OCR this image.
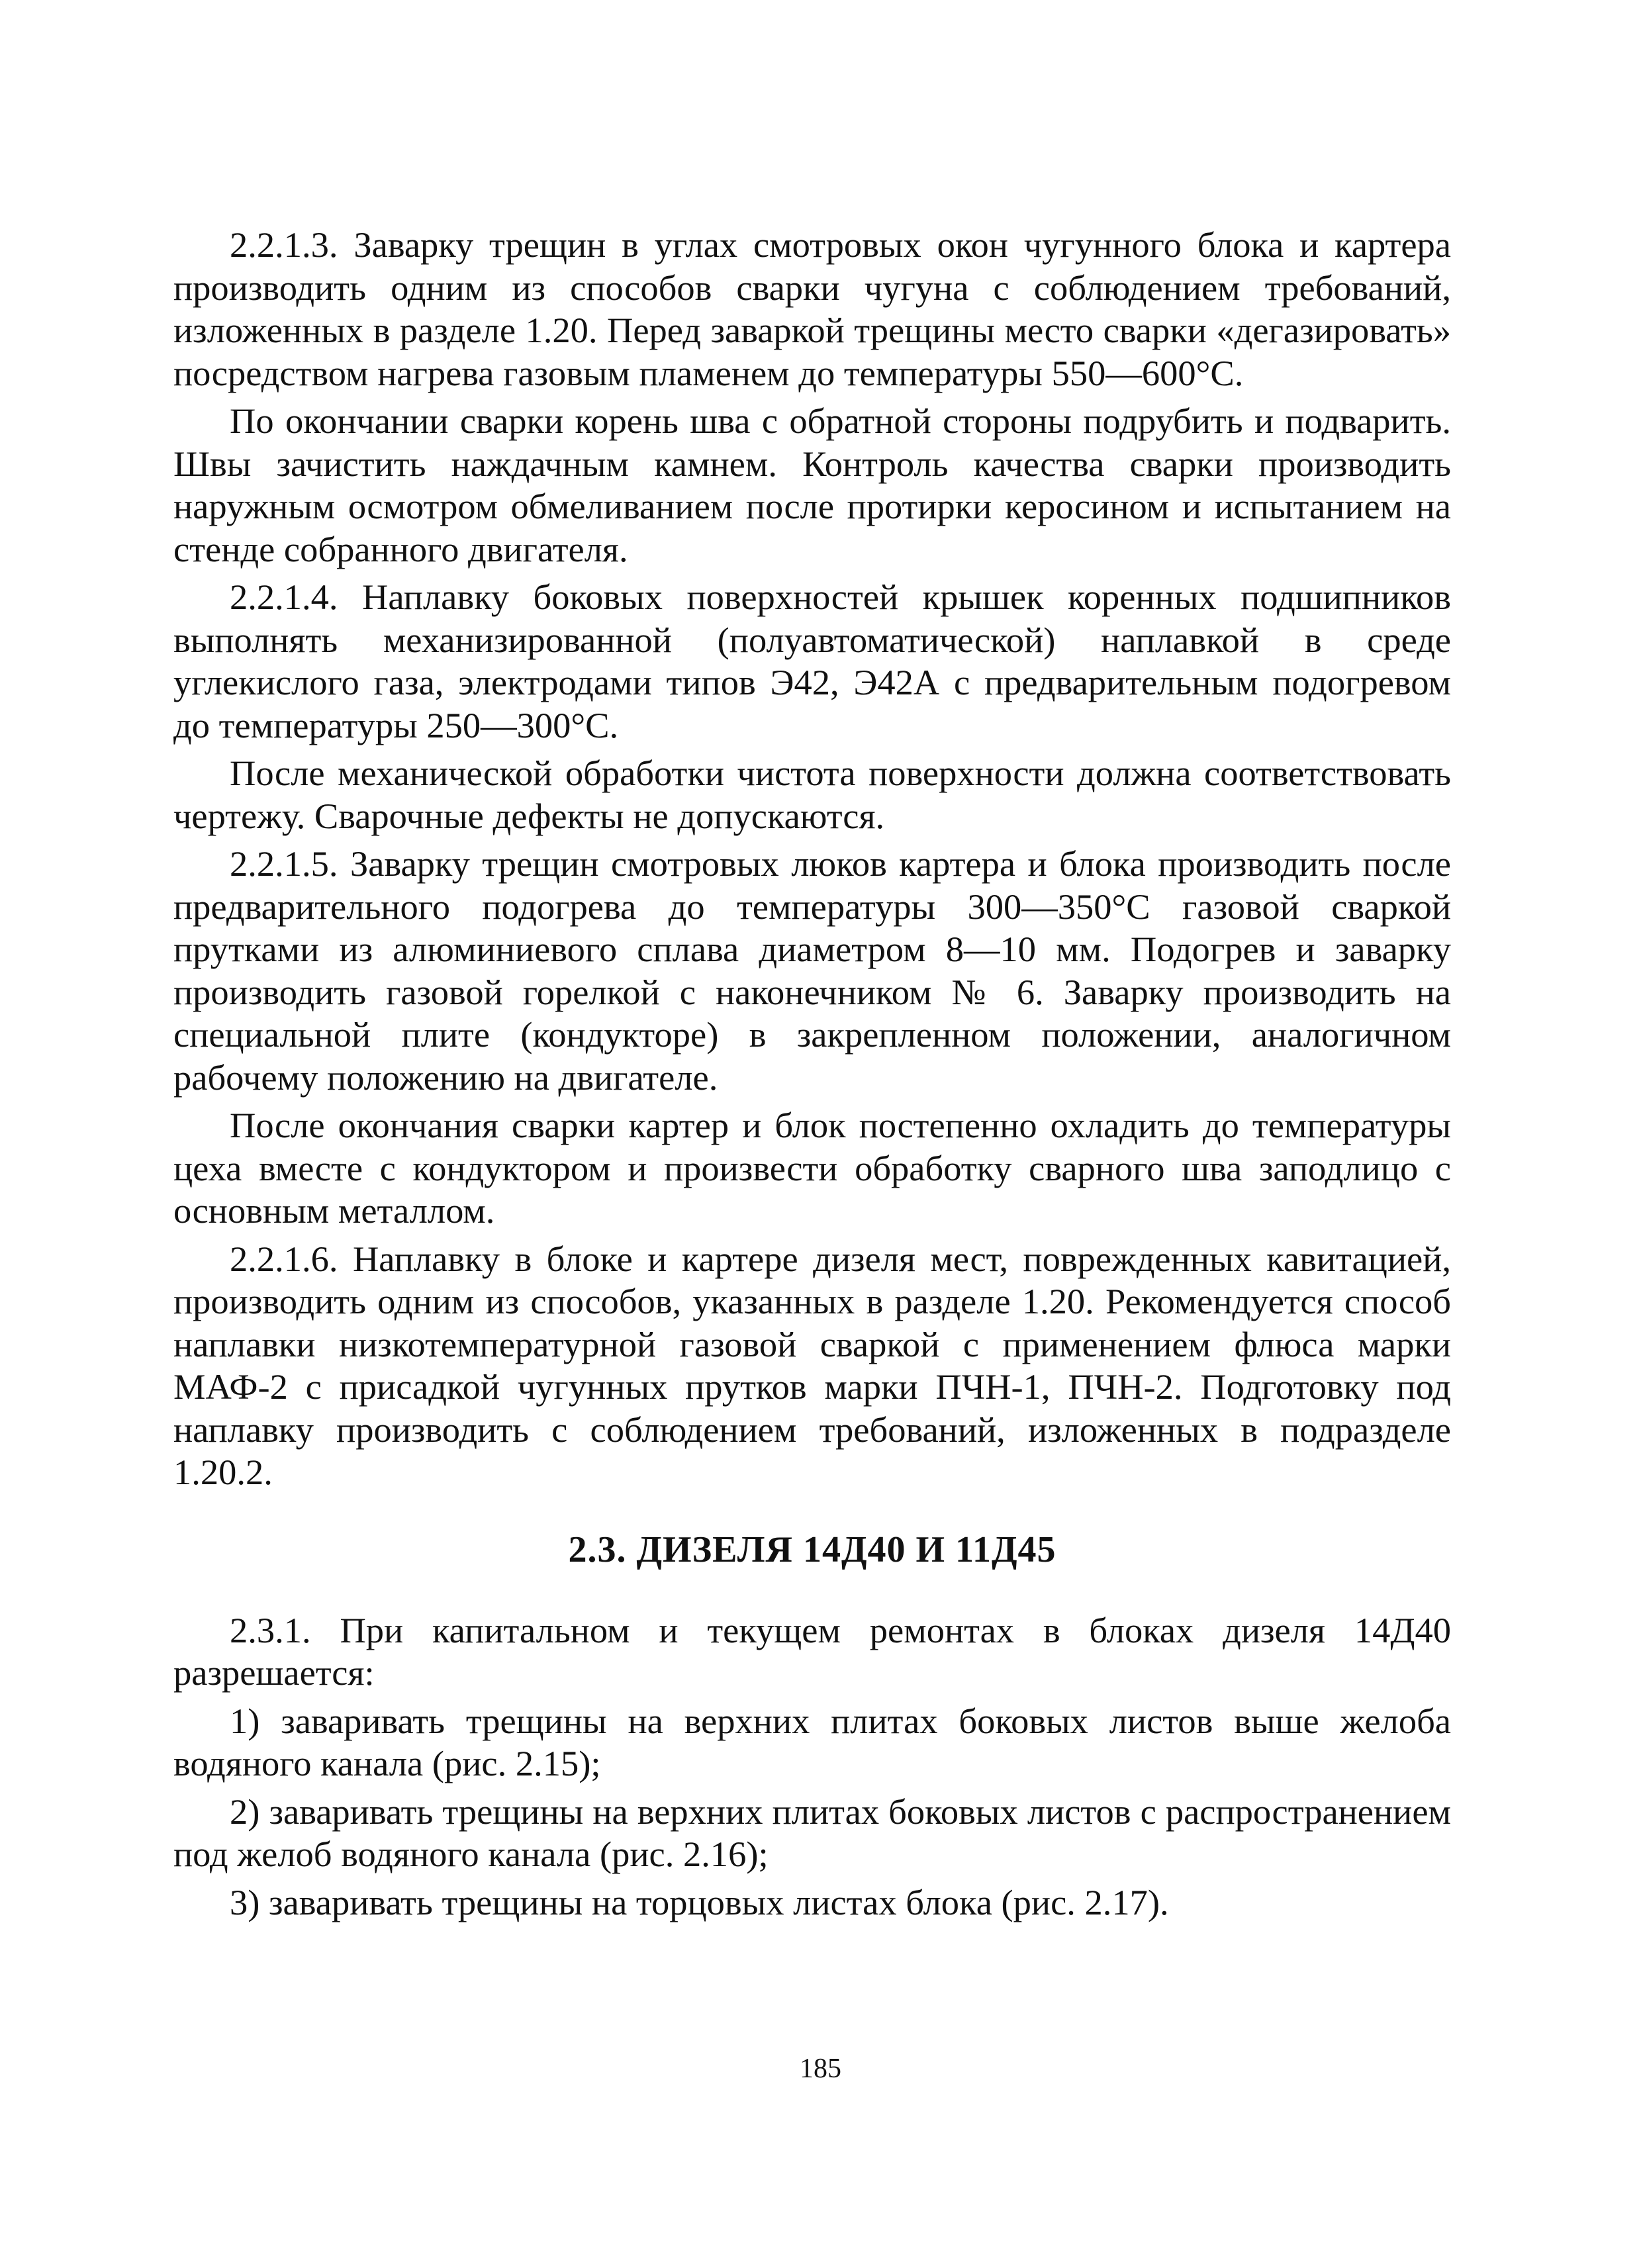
2.2.1.3. Заварку трещин в углах смотровых окон чугунного блока и картера производить одним из способов сварки чугуна с соблюдением требований, изложенных в разделе 1.20. Перед заваркой трещины место сварки «дегазировать» посредством нагрева газовым пламенем до температуры 550—600°С.

По окончании сварки корень шва с обратной стороны подрубить и подварить. Швы зачистить наждачным камнем. Контроль качества сварки производить наружным осмотром обмеливанием после протирки керосином и испытанием на стенде собранного двигателя.

2.2.1.4. Наплавку боковых поверхностей крышек коренных подшипников выполнять механизированной (полуавтоматической) наплавкой в среде углекислого газа, электродами типов Э42, Э42А с предварительным подогревом до температуры 250—300°С.

После механической обработки чистота поверхности должна соответствовать чертежу. Сварочные дефекты не допускаются.

2.2.1.5. Заварку трещин смотровых люков картера и блока производить после предварительного подогрева до температуры 300—350°С газовой сваркой прутками из алюминиевого сплава диаметром 8—10 мм. Подогрев и заварку производить газовой горелкой с наконечником № 6. Заварку производить на специальной плите (кондукторе) в закрепленном положении, аналогичном рабочему положению на двигателе.

После окончания сварки картер и блок постепенно охладить до температуры цеха вместе с кондуктором и произвести обработку сварного шва заподлицо с основным металлом.

2.2.1.6. Наплавку в блоке и картере дизеля мест, поврежденных кавитацией, производить одним из способов, указанных в разделе 1.20. Рекомендуется способ наплавки низкотемпературной газовой сваркой с применением флюса марки МАФ-2 с присадкой чугунных прутков марки ПЧН-1, ПЧН-2. Подготовку под наплавку производить с соблюдением требований, изложенных в подразделе 1.20.2.

2.3. ДИЗЕЛЯ 14Д40 И 11Д45

2.3.1. При капитальном и текущем ремонтах в блоках дизеля 14Д40 разрешается:

1) заваривать трещины на верхних плитах боковых листов выше желоба водяного канала (рис. 2.15);

2) заваривать трещины на верхних плитах боковых листов с распространением под желоб водяного канала (рис. 2.16);

3) заваривать трещины на торцовых листах блока (рис. 2.17).

185
